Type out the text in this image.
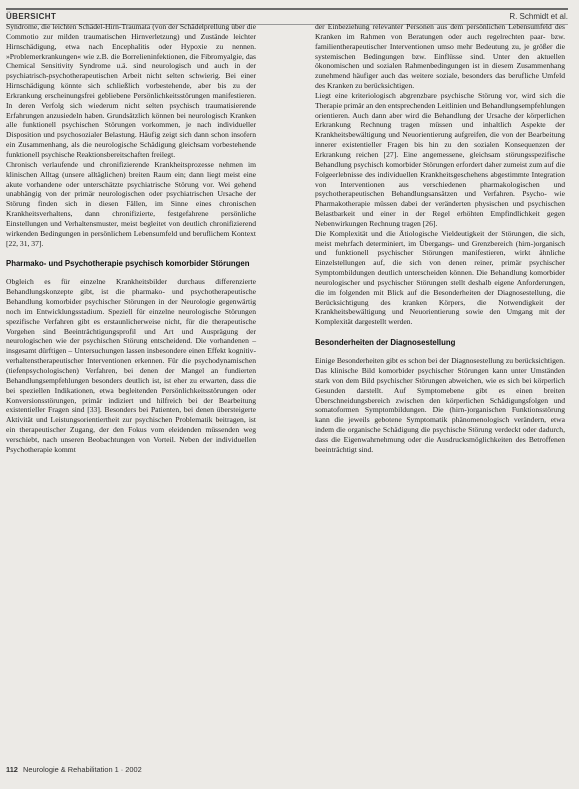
ÜBERSICHT	R. Schmidt et al.

Syndrome, die leichten Schädel-Hirn-Traumata (von der Schädelprellung über die Commotio zur milden traumatischen Hirnverletzung) und Zustände leichter Hirnschädigung, etwa nach Encephalitis oder Hypoxie zu nennen. »Problemerkrankungen« wie z.B. die Borrelieninfektionen, die Fibromyalgie, das Chemical Sensitivity Syndrome u.ä. sind neurologisch und auch in der psychiatrisch-psychotherapeutischen Arbeit nicht selten schwierig. Bei einer Hirnschädigung könnte sich schließlich vorbestehende, aber bis zu der Erkrankung erscheinungsfrei gebliebene Persönlichkeitsstörungen manifestieren. In deren Verfolg sich wiederum nicht selten psychisch traumatisierende Erfahrungen anzusiedeln haben. Grundsätzlich können bei neurologisch Kranken alle funktionell psychischen Störungen vorkommen, je nach individueller Disposition und psychosozialer Belastung. Häufig zeigt sich dann schon insofern ein Zusammenhang, als die neurologische Schädigung gleichsam vorbestehende funktionell psychische Reaktionsbereitschaften freilegt.

Chronisch verlaufende und chronifizierende Krankheitsprozesse nehmen im klinischen Alltag (unsere alltäglichen) breiten Raum ein; dann liegt meist eine akute vorhandene oder unterschätzte psychiatrische Störung vor. Wei gehend unabhängig von der primär neurologischen oder psychiatrischen Ursache der Störung finden sich in diesen Fällen, im Sinne eines chronischen Krankheitsverhaltens, dann chronifizierte, festgefahrene persönliche Einstellungen und Verhaltensmuster, meist begleitet von deutlich chronifizierend wirkenden Bedingungen in persönlichem Lebensumfeld und beruflichem Kontext [22, 31, 37].

Pharmako- und Psychotherapie psychisch komorbider Störungen

Obgleich es für einzelne Krankheitsbilder durchaus differenzierte Behandlungskonzepte gibt, ist die pharmako- und psychotherapeutische Behandlung komorbider psychischer Störungen in der Neurologie gegenwärtig noch im Entwicklungsstadium. Speziell für einzelne neurologische Störungen spezifische Verfahren gibt es erstaunlicherweise nicht, für die therapeutische Vorgehen sind Beeinträchtigungsprofil und Art und Ausprägung der neurologischen wie der psychischen Störung entscheidend. Die vorhandenen – insgesamt dürftigen – Untersuchungen lassen insbesondere einen Effekt kognitiv-verhaltenstherapeutischer Interventionen erkennen. Für die psychodynamischen (tiefenpsychologischen) Verfahren, bei denen der Mangel an fundierten Behandlungsempfehlungen besonders deutlich ist, ist eher zu erwarten, dass die bei speziellen Indikationen, etwa begleitenden Persönlichkeitsstörungen oder Konversionsstörungen, primär indiziert und hilfreich bei der Bearbeitung existentieller Fragen sind [33]. Besonders bei Patienten, bei denen übersteigerte Aktivität und Leistungsorientiertheit zur psychischen Problematik beitragen, ist ein therapeutischer Zugang, der den Fokus vom eleidenden müssenden weg verschiebt, nach unseren Beobachtungen von Vorteil. Neben der individuellen Psychotherapie kommt

der Einbeziehung relevanter Personen aus dem persönlichen Lebensumfeld des Kranken im Rahmen von Beratungen oder auch regelrechten paar- bzw. familientherapeutischer Interventionen umso mehr Bedeutung zu, je größer die systemischen Bedingungen bzw. Einflüsse sind. Unter den aktuellen ökonomischen und sozialen Rahmenbedingungen ist in diesem Zusammenhang zunehmend häufiger auch das weitere soziale, besonders das berufliche Umfeld des Kranken zu berücksichtigen.

Liegt eine kriteriologisch abgrenzbare psychische Störung vor, wird sich die Therapie primär an den entsprechenden Leitlinien und Behandlungsempfehlungen orientieren. Auch dann aber wird die Behandlung der Ursache der körperlichen Erkrankung Rechnung tragen müssen und inhaltlich Aspekte der Krankheitsbewältigung und Neuorientierung aufgreifen, die von der Bearbeitung innerer existentieller Fragen bis hin zu den sozialen Konsequenzen der Erkrankung reichen [27]. Eine angemessene, gleichsam störungsspezifische Behandlung psychisch komorbider Störungen erfordert daher zumeist zum auf die Folgeerlebnisse des individuellen Krankheitsgeschehens abgestimmte Integration von Interventionen aus verschiedenen pharmakologischen und psychotherapeutischen Behandlungsansätzen und Verfahren. Psycho- wie Pharmakotherapie müssen dabei der veränderten physischen und psychischen Belastbarkeit und einer in der Regel erhöhten Empfindlichkeit gegen Nebenwirkungen Rechnung tragen [26].

Die Komplexität und die Ätiologische Vieldeutigkeit der Störungen, die sich, meist mehrfach determiniert, im Übergangs- und Grenzbereich (hirn-)organisch und funktionell psychischer Störungen manifestieren, wirkt ähnliche Einzelstellungen auf, die sich von denen reiner, primär psychischer Symptombildungen deutlich unterscheiden können. Die Behandlung komorbider neurologischer und psychischer Störungen stellt deshalb eigene Anforderungen, die im folgenden mit Blick auf die Besonderheiten der Diagnosestellung, die Berücksichtigung des kranken Körpers, die Notwendigkeit der Krankheitsbewältigung und Neuorientierung sowie den Umgang mit der Komplexität dargestellt werden.

Besonderheiten der Diagnosestellung

Einige Besonderheiten gibt es schon bei der Diagnosestellung zu berücksichtigen. Das klinische Bild komorbider psychischer Störungen kann unter Umständen stark von dem Bild psychischer Störungen abweichen, wie es sich bei körperlich Gesunden darstellt. Auf Symptomebene gibt es einen breiten Überschneidungsbereich zwischen den körperlichen Schädigungsfolgen und somatoformen Symptombildungen. Die (hirn-)organischen Funktionsstörung kann die jeweils gebotene Symptomatik phänomenologisch verändern, etwa indem die organische Schädigung die psychische Störung verdeckt oder dadurch, dass die Eigenwahrnehmung oder die Ausdrucksmöglichkeiten des Betroffenen beeinträchtigt sind.

112 Neurologie & Rehabilitation 1 · 2002
